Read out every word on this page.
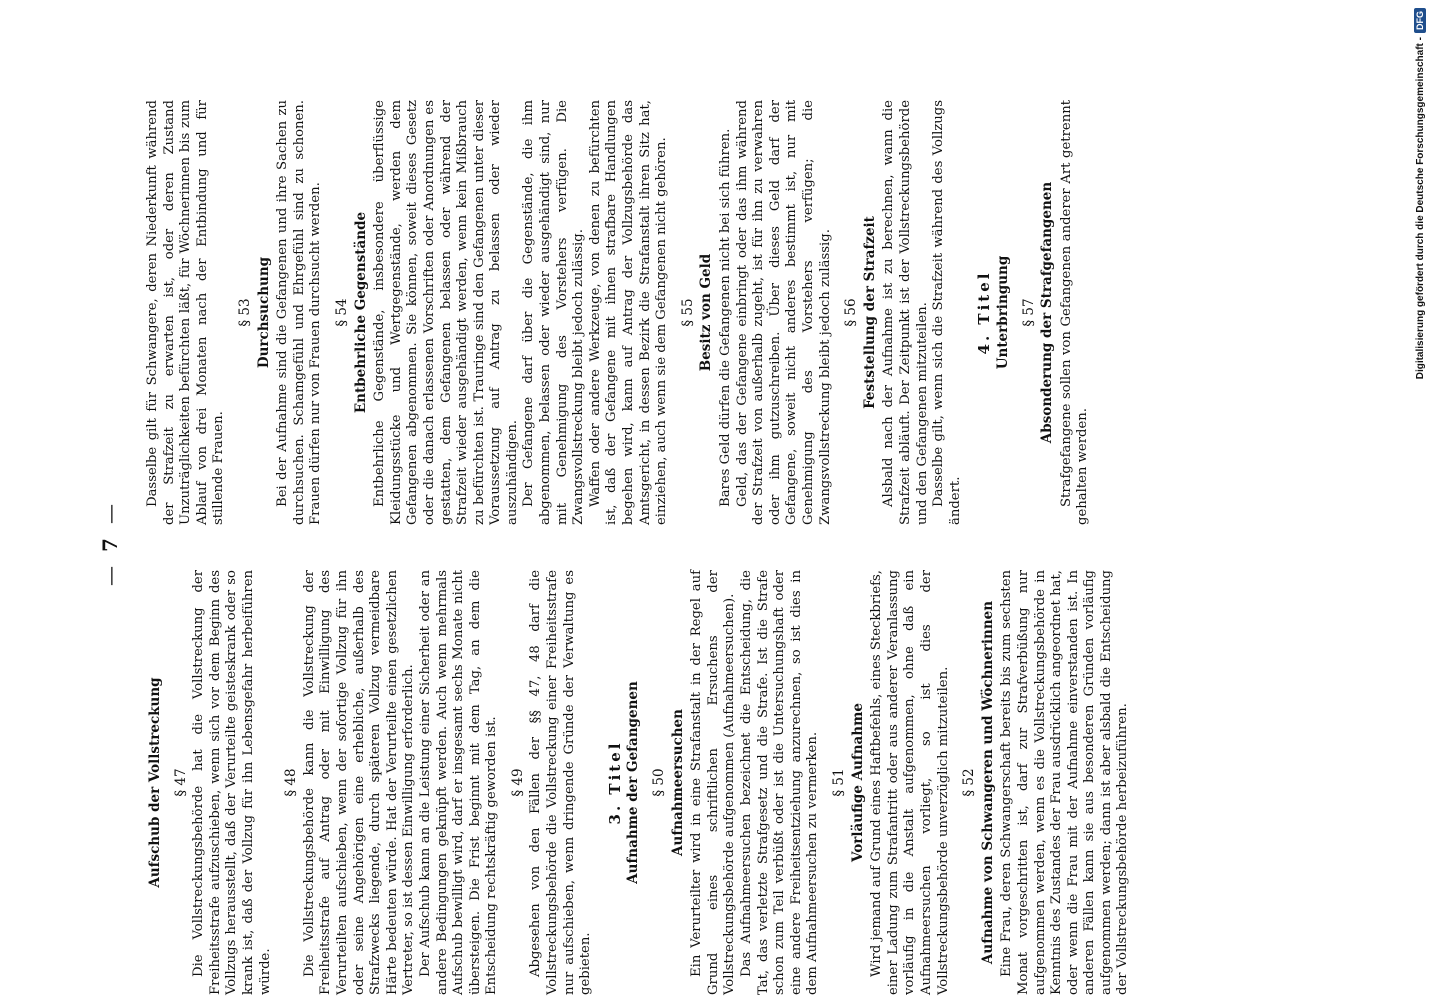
—
7
—
Aufschub der Vollstreckung § 47 Die Vollstreckungsbehörde hat die Vollstreckung der Freiheitsstrafe aufzuschieben, wenn sich vor dem Beginn des Vollzugs herausstellt, daß der Verurteilte geisteskrank oder so krank ist, daß der Vollzug für ihn Lebensgefahr herbeiführen würde.

§ 48 Die Vollstreckungsbehörde kann die Vollstreckung der Freiheitsstrafe auf Antrag oder mit Einwilligung des Verurteilten aufschieben, wenn der sofortige Vollzug für ihn oder seine Angehörigen eine erhebliche, außerhalb des Strafzwecks liegende, durch späteren Vollzug vermeidbare Härte bedeuten würde. Hat der Verurteilte einen gesetzlichen Vertreter, so ist dessen Einwilligung erforderlich. Der Aufschub kann an die Leistung einer Sicherheit oder an andere Bedingungen geknüpft werden. Auch wenn mehrmals Aufschub bewilligt wird, darf er insgesamt sechs Monate nicht übersteigen. Die Frist beginnt mit dem Tag, an dem die Entscheidung rechtskräftig geworden ist. § 49 Abgesehen von den Fällen der §§ 47, 48 darf die Vollstreckungsbehörde die Vollstreckung einer Freiheitsstrafe nur aufschieben, wenn dringende Gründe der Verwaltung es gebieten.

3. Titel Aufnahme der Gefangenen § 50 Aufnahmeersuchen Ein Verurteilter wird in eine Strafanstalt in der Regel auf Grund eines schriftlichen Ersuchens der Vollstreckungsbehörde aufgenommen (Aufnahmeersuchen). Das Aufnahmeersuchen bezeichnet die Entscheidung, die Tat, das verletzte Strafgesetz und die Strafe. Ist die Strafe schon zum Teil verbüßt oder ist die Untersuchungshaft oder eine andere Freiheitsentziehung anzurechnen, so ist dies in dem Aufnahmeersuchen zu vermerken. § 51 Vorläufige Aufnahme Wird jemand auf Grund eines Haftbefehls, eines Steckbriefs, einer Ladung zum Strafantritt oder aus anderer Veranlassung vorläufig in die Anstalt aufgenommen, ohne daß ein Aufnahmeersuchen vorliegt, so ist dies der Vollstreckungsbehörde unverzüglich mitzuteilen. § 52 Aufnahme von Schwangeren und Wöchnerinnen Eine Frau, deren Schwangerschaft bereits bis zum sechsten Monat vorgeschritten ist, darf zur Strafverbüßung nur aufgenommen werden, wenn es die Vollstreckungsbehörde in Kenntnis des Zustandes der Frau ausdrücklich angeordnet hat, oder wenn die Frau mit der Aufnahme einverstanden ist. In anderen Fällen kann sie aus besonderen Gründen vorläufig aufgenommen werden; dann ist aber alsbald die Entscheidung der Vollstreckungsbehörde herbeizuführen.

Dasselbe gilt für Schwangere, deren Niederkunft während der Strafzeit zu erwarten ist, oder deren Zustand Unzuträglichkeiten befürchten läßt, für Wöchnerinnen bis zum Ablauf von drei Monaten nach der Entbindung und für stillende Frauen.

§ 53 Durchsuchung Bei der Aufnahme sind die Gefangenen und ihre Sachen zu durchsuchen. Schamgefühl und Ehrgefühl sind zu schonen. Frauen dürfen nur von Frauen durchsucht werden. § 54 Entbehrliche Gegenstände Entbehrliche Gegenstände, insbesondere überflüssige Kleidungsstücke und Wertgegenstände, werden dem Gefangenen abgenommen. Sie können, soweit dieses Gesetz oder die danach erlassenen Vorschriften oder Anordnungen es gestatten, dem Gefangenen belassen oder während der Strafzeit wieder ausgehändigt werden, wenn kein Mißbrauch zu befürchten ist. Trauringe sind den Gefangenen unter dieser Voraussetzung auf Antrag zu belassen oder wieder auszuhändigen. Der Gefangene darf über die Gegenstände, die ihm abgenommen, belassen oder wieder ausgehändigt sind, nur mit Genehmigung des Vorstehers verfügen. Die Zwangsvollstreckung bleibt jedoch zulässig. Waffen oder andere Werkzeuge, von denen zu befürchten ist, daß der Gefangene mit ihnen strafbare Handlungen begehen wird, kann auf Antrag der Vollzugsbehörde das Amtsgericht, in dessen Bezirk die Strafanstalt ihren Sitz hat, einziehen, auch wenn sie dem Gefangenen nicht gehören. § 55 Besitz von Geld Bares Geld dürfen die Gefangenen nicht bei sich führen. Geld, das der Gefangene einbringt oder das ihm während der Strafzeit von außerhalb zugeht, ist für ihn zu verwahren oder ihm gutzuschreiben. Über dieses Geld darf der Gefangene, soweit nicht anderes bestimmt ist, nur mit Genehmigung des Vorstehers verfügen; die Zwangsvollstreckung bleibt jedoch zulässig. § 56 Feststellung der Strafzeit Alsbald nach der Aufnahme ist zu berechnen, wann die Strafzeit abläuft. Der Zeitpunkt ist der Vollstreckungsbehörde und den Gefangenen mitzuteilen. Dasselbe gilt, wenn sich die Strafzeit während des Vollzugs ändert.

4. Titel Unterbringung § 57 Absonderung der Strafgefangenen Strafgefangene sollen von Gefangenen anderer Art getrennt gehalten werden.

Digitalisierung gefördert durch die Deutsche Forschungsgemeinschaft -
DFG
